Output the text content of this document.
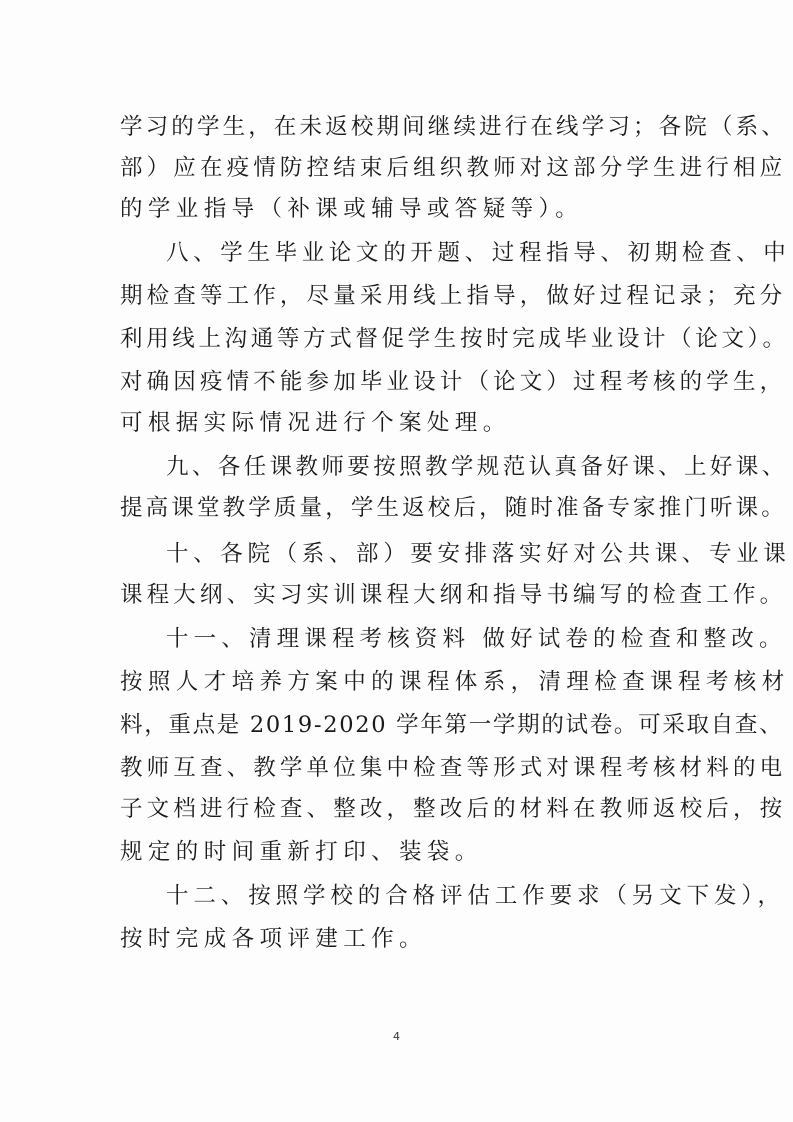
学习的学生，在未返校期间继续进行在线学习；各院（系、
部）应在疫情防控结束后组织教师对这部分学生进行相应
的学业指导（补课或辅导或答疑等）。
八、学生毕业论文的开题、过程指导、初期检查、中
期检查等工作，尽量采用线上指导，做好过程记录；充分
利用线上沟通等方式督促学生按时完成毕业设计（论文）。
对确因疫情不能参加毕业设计（论文）过程考核的学生，
可根据实际情况进行个案处理。
九、各任课教师要按照教学规范认真备好课、上好课、
提高课堂教学质量，学生返校后，随时准备专家推门听课。
十、各院（系、部）要安排落实好对公共课、专业课
课程大纲、实习实训课程大纲和指导书编写的检查工作。
十一、清理课程考核资料 做好试卷的检查和整改。
按照人才培养方案中的课程体系，清理检查课程考核材
料，重点是 2019-2020 学年第一学期的试卷。可采取自查、
教师互查、教学单位集中检查等形式对课程考核材料的电
子文档进行检查、整改，整改后的材料在教师返校后，按
规定的时间重新打印、装袋。
十二、按照学校的合格评估工作要求（另文下发），
按时完成各项评建工作。
4
